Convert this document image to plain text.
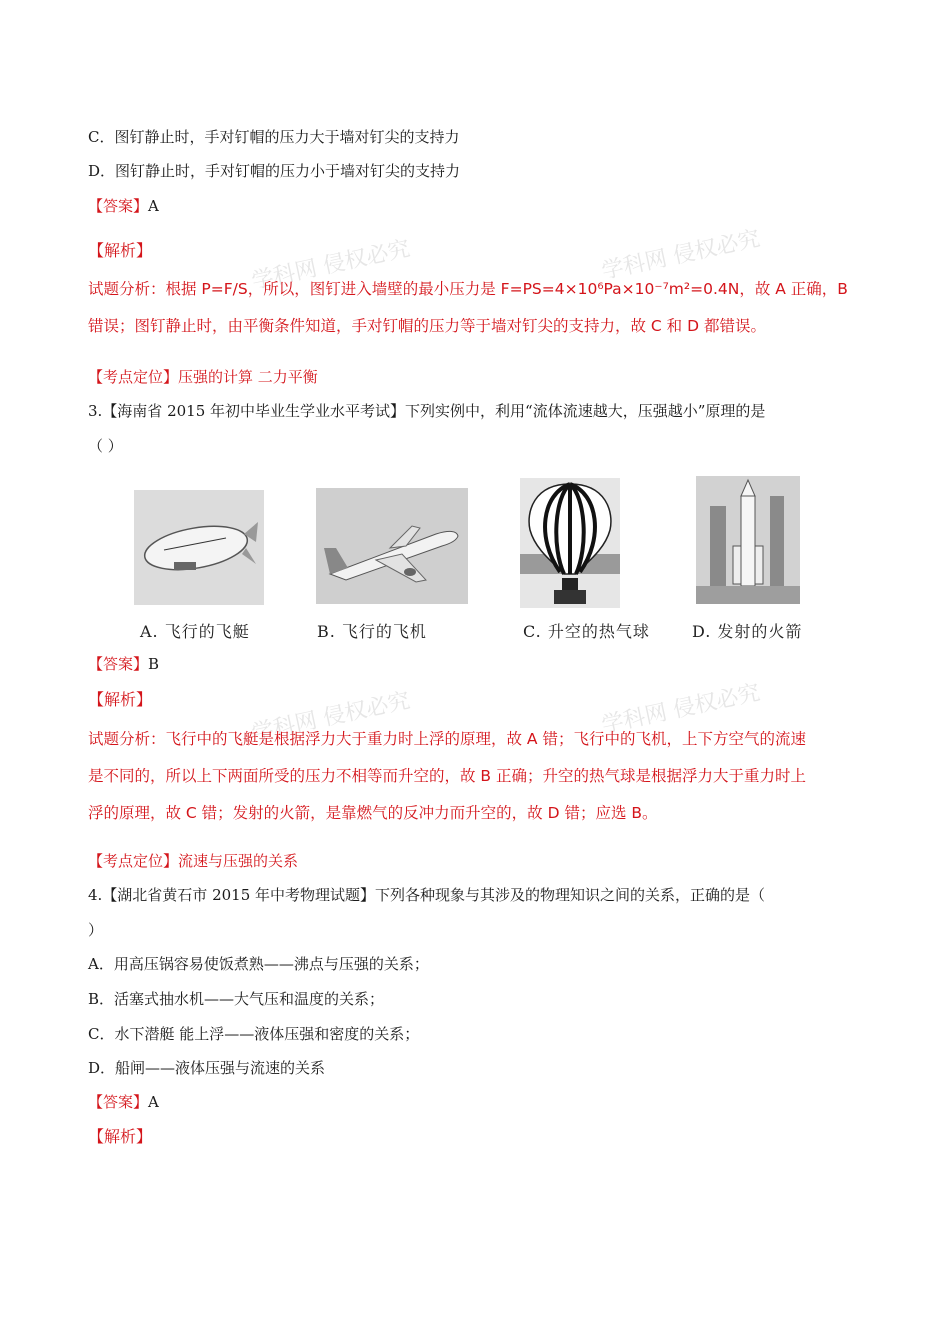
学科网 侵权必究	学科网 侵权必究
学科网 侵权必究	学科网 侵权必究
C．图钉静止时，手对钉帽的压力大于墙对钉尖的支持力
D．图钉静止时，手对钉帽的压力小于墙对钉尖的支持力
【答案】A
【解析】
试题分析：根据 P=F/S，所以，图钉进入墙壁的最小压力是 F=PS=4×10⁶Pa×10⁻⁷m²=0.4N，故 A 正确，B
错误；图钉静止时，由平衡条件知道，手对钉帽的压力等于墙对钉尖的支持力，故 C 和 D 都错误。
【考点定位】压强的计算 二力平衡
3.【海南省 2015 年初中毕业生学业水平考试】下列实例中，利用“流体流速越大，压强越小”原理的是
（ ）
A. 飞行的飞艇	B. 飞行的飞机	C. 升空的热气球	D. 发射的火箭
【答案】B
【解析】
试题分析：飞行中的飞艇是根据浮力大于重力时上浮的原理，故 A 错；飞行中的飞机，上下方空气的流速
是不同的，所以上下两面所受的压力不相等而升空的，故 B 正确；升空的热气球是根据浮力大于重力时上
浮的原理，故 C 错；发射的火箭，是靠燃气的反冲力而升空的，故 D 错；应选 B。
【考点定位】流速与压强的关系
4.【湖北省黄石市 2015 年中考物理试题】下列各种现象与其涉及的物理知识之间的关系，正确的是（
）
A．用高压锅容易使饭煮熟——沸点与压强的关系；
B．活塞式抽水机——大气压和温度的关系；
C．水下潜艇 能上浮——液体压强和密度的关系；
D．船闸——液体压强与流速的关系
【答案】A
【解析】
